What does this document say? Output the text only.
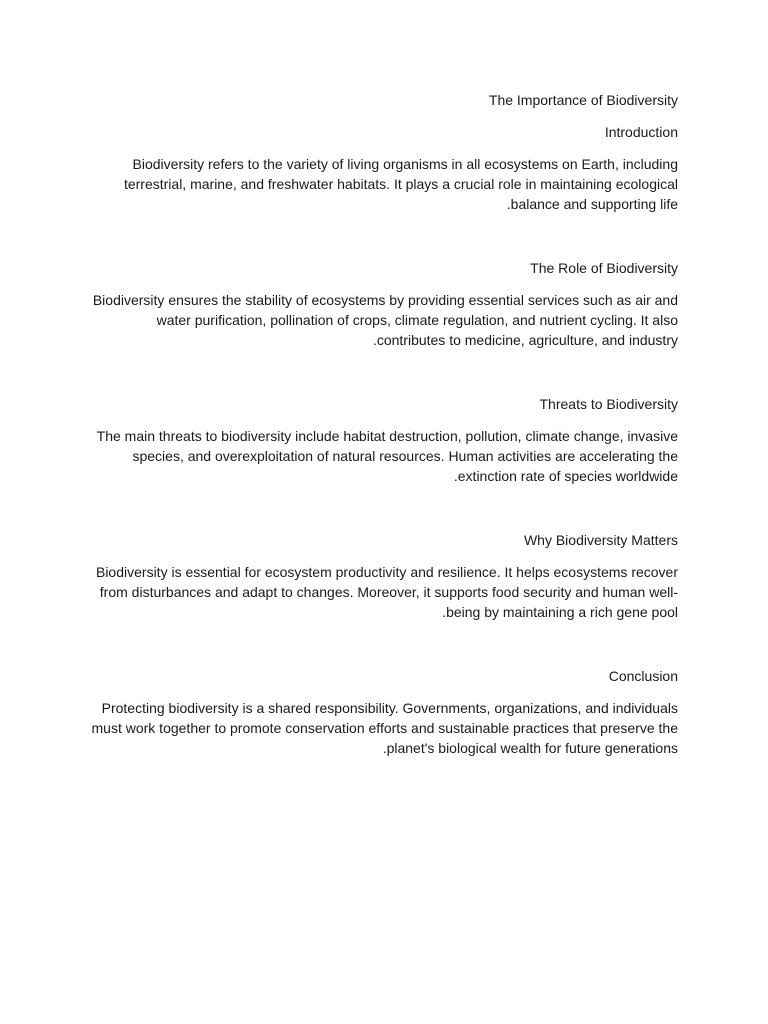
The Importance of Biodiversity
Introduction

Biodiversity refers to the variety of living organisms in all ecosystems on Earth, including terrestrial, marine, and freshwater habitats. It plays a crucial role in maintaining ecological balance and supporting life.

The Role of Biodiversity

Biodiversity ensures the stability of ecosystems by providing essential services such as air and water purification, pollination of crops, climate regulation, and nutrient cycling. It also contributes to medicine, agriculture, and industry.

Threats to Biodiversity

The main threats to biodiversity include habitat destruction, pollution, climate change, invasive species, and overexploitation of natural resources. Human activities are accelerating the extinction rate of species worldwide.

Why Biodiversity Matters

Biodiversity is essential for ecosystem productivity and resilience. It helps ecosystems recover from disturbances and adapt to changes. Moreover, it supports food security and human well-being by maintaining a rich gene pool.

Conclusion

Protecting biodiversity is a shared responsibility. Governments, organizations, and individuals must work together to promote conservation efforts and sustainable practices that preserve the planet's biological wealth for future generations.
